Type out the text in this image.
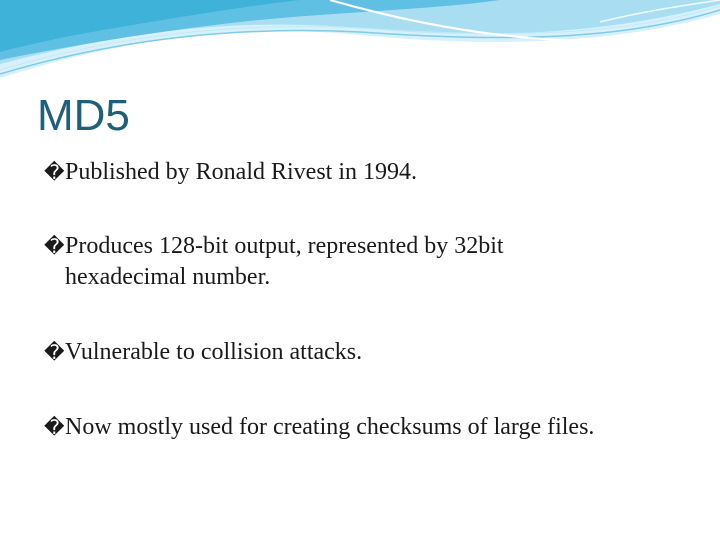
MD5
� Published by Ronald Rivest in 1994.
� Produces 128-bit output, represented by 32bit
hexadecimal number.
� Vulnerable to collision attacks.
� Now mostly used for creating checksums of large files.
